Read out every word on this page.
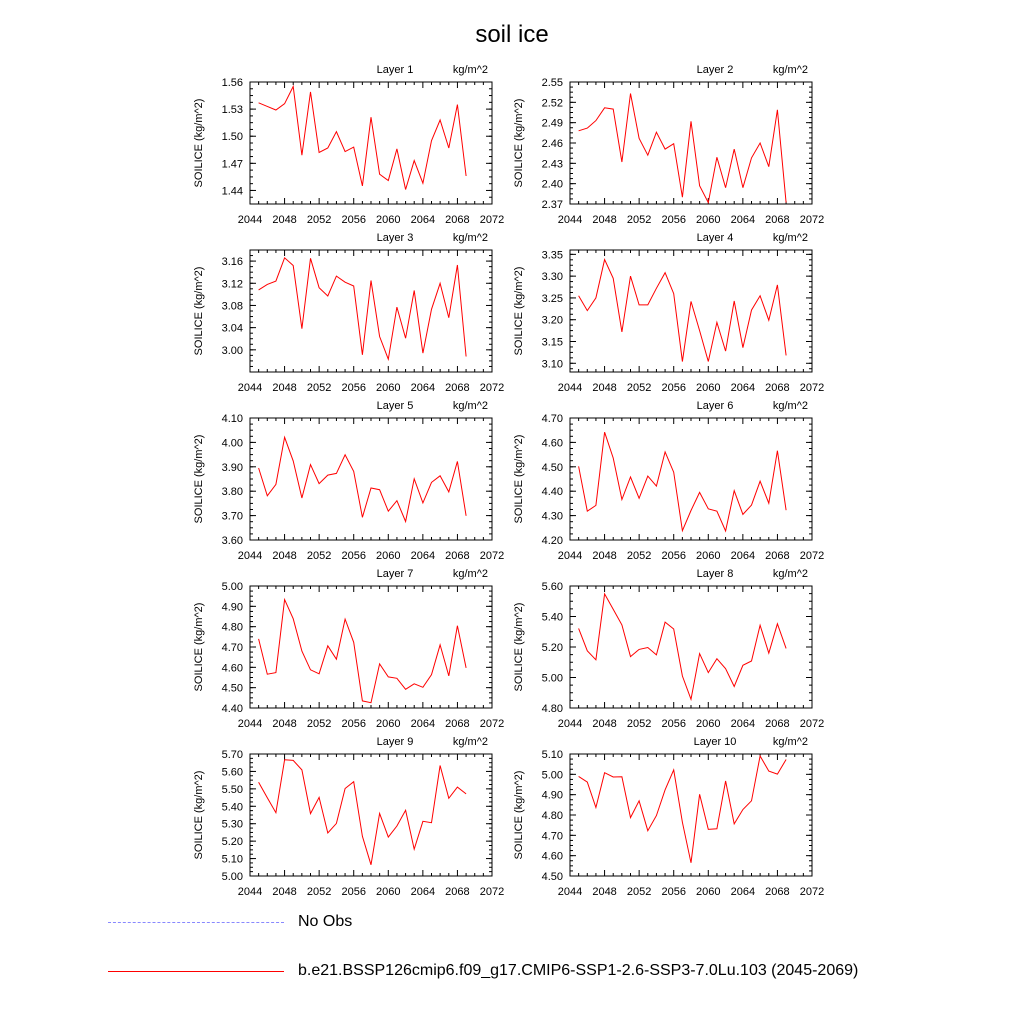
soil ice
2044 2048 2052 2056 2060 2064 2068 2072
1.44
1.47
1.50
1.53
1.56
Layer 1	kg/m^2
SOILICE (kg/m^2)
2044 2048 2052 2056 2060 2064 2068 2072
2.37
2.40
2.43
2.46
2.49
2.52
2.55
Layer 2	kg/m^2
SOILICE (kg/m^2)
2044 2048 2052 2056 2060 2064 2068 2072
3.00
3.04
3.08
3.12
3.16
Layer 3	kg/m^2
SOILICE (kg/m^2)
2044 2048 2052 2056 2060 2064 2068 2072
3.10
3.15
3.20
3.25
3.30
3.35
Layer 4	kg/m^2
SOILICE (kg/m^2)
2044 2048 2052 2056 2060 2064 2068 2072
3.60
3.70
3.80
3.90
4.00
4.10
Layer 5	kg/m^2
SOILICE (kg/m^2)
2044 2048 2052 2056 2060 2064 2068 2072
4.20
4.30
4.40
4.50
4.60
4.70
Layer 6	kg/m^2
SOILICE (kg/m^2)
2044 2048 2052 2056 2060 2064 2068 2072
4.40
4.50
4.60
4.70
4.80
4.90
5.00
Layer 7	kg/m^2
SOILICE (kg/m^2)
2044 2048 2052 2056 2060 2064 2068 2072
4.80
5.00
5.20
5.40
5.60
Layer 8	kg/m^2
SOILICE (kg/m^2)
2044 2048 2052 2056 2060 2064 2068 2072
5.00
5.10
5.20
5.30
5.40
5.50
5.60
5.70
Layer 9	kg/m^2
SOILICE (kg/m^2)
2044 2048 2052 2056 2060 2064 2068 2072
4.50
4.60
4.70
4.80
4.90
5.00
5.10
Layer 10	kg/m^2
SOILICE (kg/m^2)
No Obs
b.e21.BSSP126cmip6.f09_g17.CMIP6-SSP1-2.6-SSP3-7.0Lu.103 (2045-2069)
